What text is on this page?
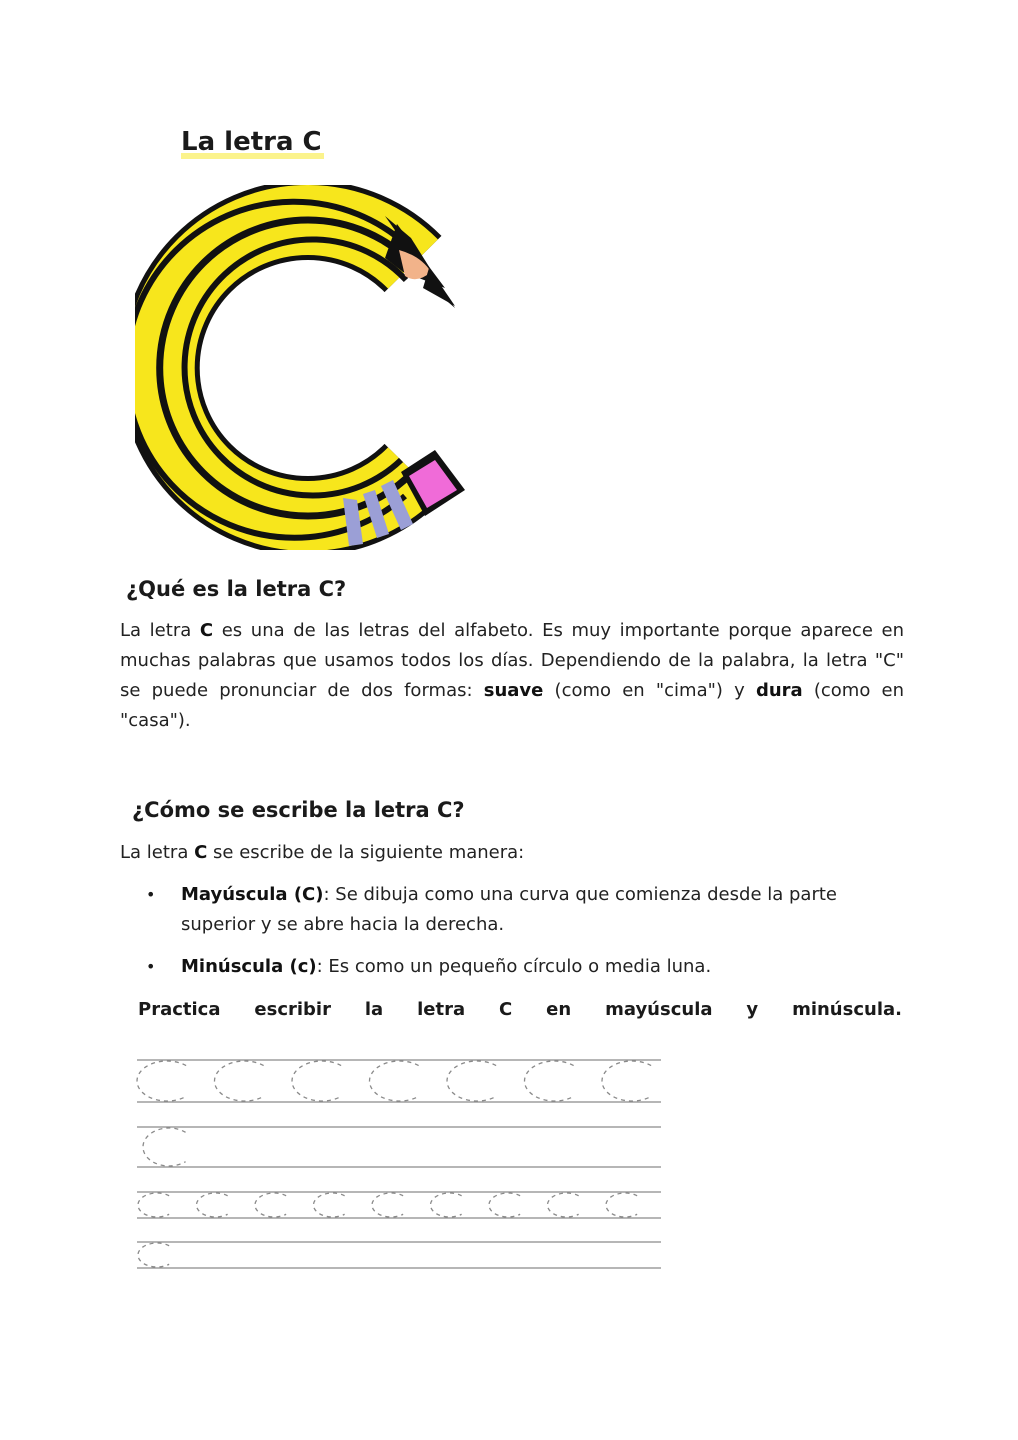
La letra C
¿Qué es la letra C?
La letra C es una de las letras del alfabeto. Es muy importante porque aparece en muchas palabras que usamos todos los días. Dependiendo de la palabra, la letra "C" se puede pronunciar de dos formas: suave (como en "cima") y dura (como en "casa").
¿Cómo se escribe la letra C?
La letra C se escribe de la siguiente manera:
• Mayúscula (C): Se dibuja como una curva que comienza desde la parte superior y se abre hacia la derecha.
• Minúscula (c): Es como un pequeño círculo o media luna.
Practica escribir la letra C en mayúscula y minúscula.
